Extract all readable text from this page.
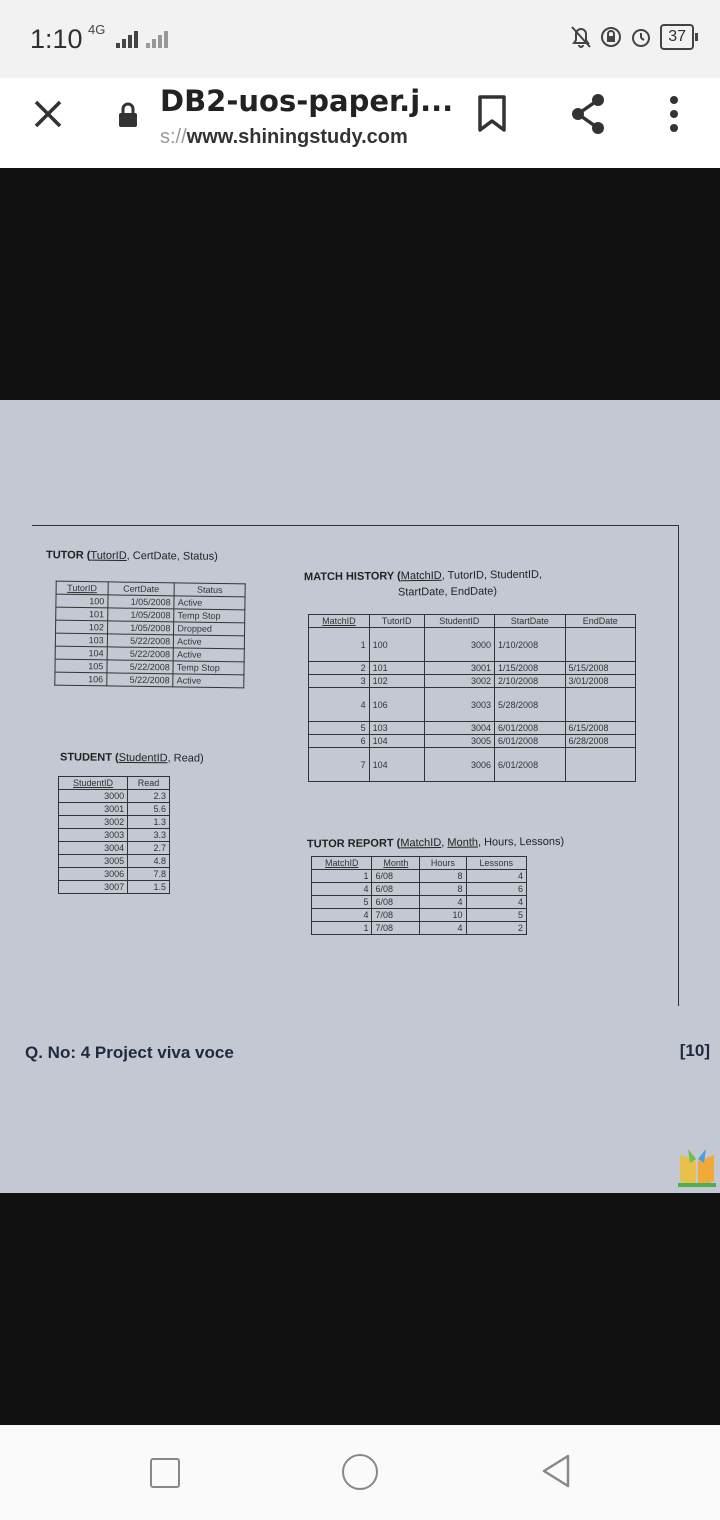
1:10 4G	37
DB2-uos-paper.j...
s://www.shiningstudy.com
TUTOR (TutorID, CertDate, Status)
TutorID	CertDate	Status
100	1/05/2008	Active
101	1/05/2008	Temp Stop
102	1/05/2008	Dropped
103	5/22/2008	Active
104	5/22/2008	Active
105	5/22/2008	Temp Stop
106	5/22/2008	Active
STUDENT (StudentID, Read)
StudentID	Read
3000	2.3
3001	5.6
3002	1.3
3003	3.3
3004	2.7
3005	4.8
3006	7.8
3007	1.5
MATCH HISTORY (MatchID, TutorID, StudentID,
StartDate, EndDate)
MatchID	TutorID	StudentID	StartDate	EndDate
1	100	3000	1/10/2008	
2	101	3001	1/15/2008	5/15/2008
3	102	3002	2/10/2008	3/01/2008
4	106	3003	5/28/2008	
5	103	3004	6/01/2008	6/15/2008
6	104	3005	6/01/2008	6/28/2008
7	104	3006	6/01/2008	
TUTOR REPORT (MatchID, Month, Hours, Lessons)
MatchID	Month	Hours	Lessons
1	6/08	8	4
4	6/08	8	6
5	6/08	4	4
4	7/08	10	5
1	7/08	4	2
Q. No: 4 Project viva voce	[10]
